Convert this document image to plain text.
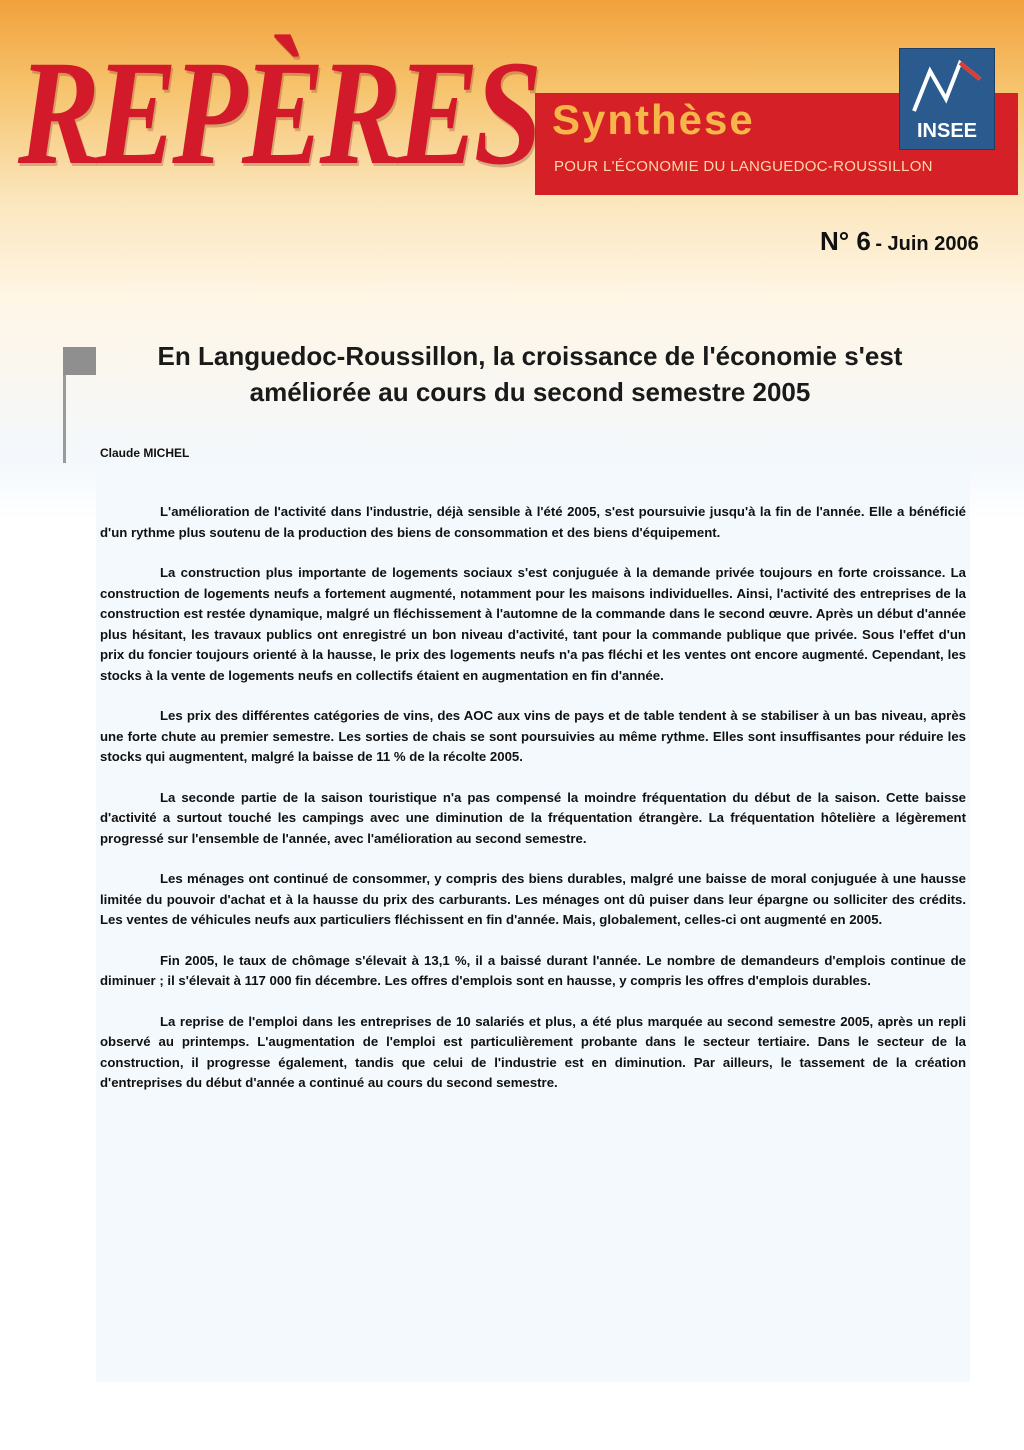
REPÈRES Synthèse
POUR L'ÉCONOMIE DU LANGUEDOC-ROUSSILLON
INSEE
N° 6 - Juin 2006
En Languedoc-Roussillon, la croissance de l'économie s'est améliorée au cours du second semestre 2005
Claude MICHEL

L'amélioration de l'activité dans l'industrie, déjà sensible à l'été 2005, s'est poursuivie jusqu'à la fin de l'année. Elle a bénéficié d'un rythme plus soutenu de la production des biens de consommation et des biens d'équipement.

La construction plus importante de logements sociaux s'est conjuguée à la demande privée toujours en forte croissance. La construction de logements neufs a fortement augmenté, notamment pour les maisons individuelles. Ainsi, l'activité des entreprises de la construction est restée dynamique, malgré un fléchissement à l'automne de la commande dans le second œuvre. Après un début d'année plus hésitant, les travaux publics ont enregistré un bon niveau d'activité, tant pour la commande publique que privée. Sous l'effet d'un prix du foncier toujours orienté à la hausse, le prix des logements neufs n'a pas fléchi et les ventes ont encore augmenté. Cependant, les stocks à la vente de logements neufs en collectifs étaient en augmentation en fin d'année.

Les prix des différentes catégories de vins, des AOC aux vins de pays et de table tendent à se stabiliser à un bas niveau, après une forte chute au premier semestre. Les sorties de chais se sont poursuivies au même rythme. Elles sont insuffisantes pour réduire les stocks qui augmentent, malgré la baisse de 11 % de la récolte 2005.

La seconde partie de la saison touristique n'a pas compensé la moindre fréquentation du début de la saison. Cette baisse d'activité a surtout touché les campings avec une diminution de la fréquentation étrangère. La fréquentation hôtelière a légèrement progressé sur l'ensemble de l'année, avec l'amélioration au second semestre.

Les ménages ont continué de consommer, y compris des biens durables, malgré une baisse de moral conjuguée à une hausse limitée du pouvoir d'achat et à la hausse du prix des carburants. Les ménages ont dû puiser dans leur épargne ou solliciter des crédits. Les ventes de véhicules neufs aux particuliers fléchissent en fin d'année. Mais, globalement, celles-ci ont augmenté en 2005.

Fin 2005, le taux de chômage s'élevait à 13,1 %, il a baissé durant l'année. Le nombre de demandeurs d'emplois continue de diminuer ; il s'élevait à 117 000 fin décembre. Les offres d'emplois sont en hausse, y compris les offres d'emplois durables.

La reprise de l'emploi dans les entreprises de 10 salariés et plus, a été plus marquée au second semestre 2005, après un repli observé au printemps. L'augmentation de l'emploi est particulièrement probante dans le secteur tertiaire. Dans le secteur de la construction, il progresse également, tandis que celui de l'industrie est en diminution. Par ailleurs, le tassement de la création d'entreprises du début d'année a continué au cours du second semestre.
